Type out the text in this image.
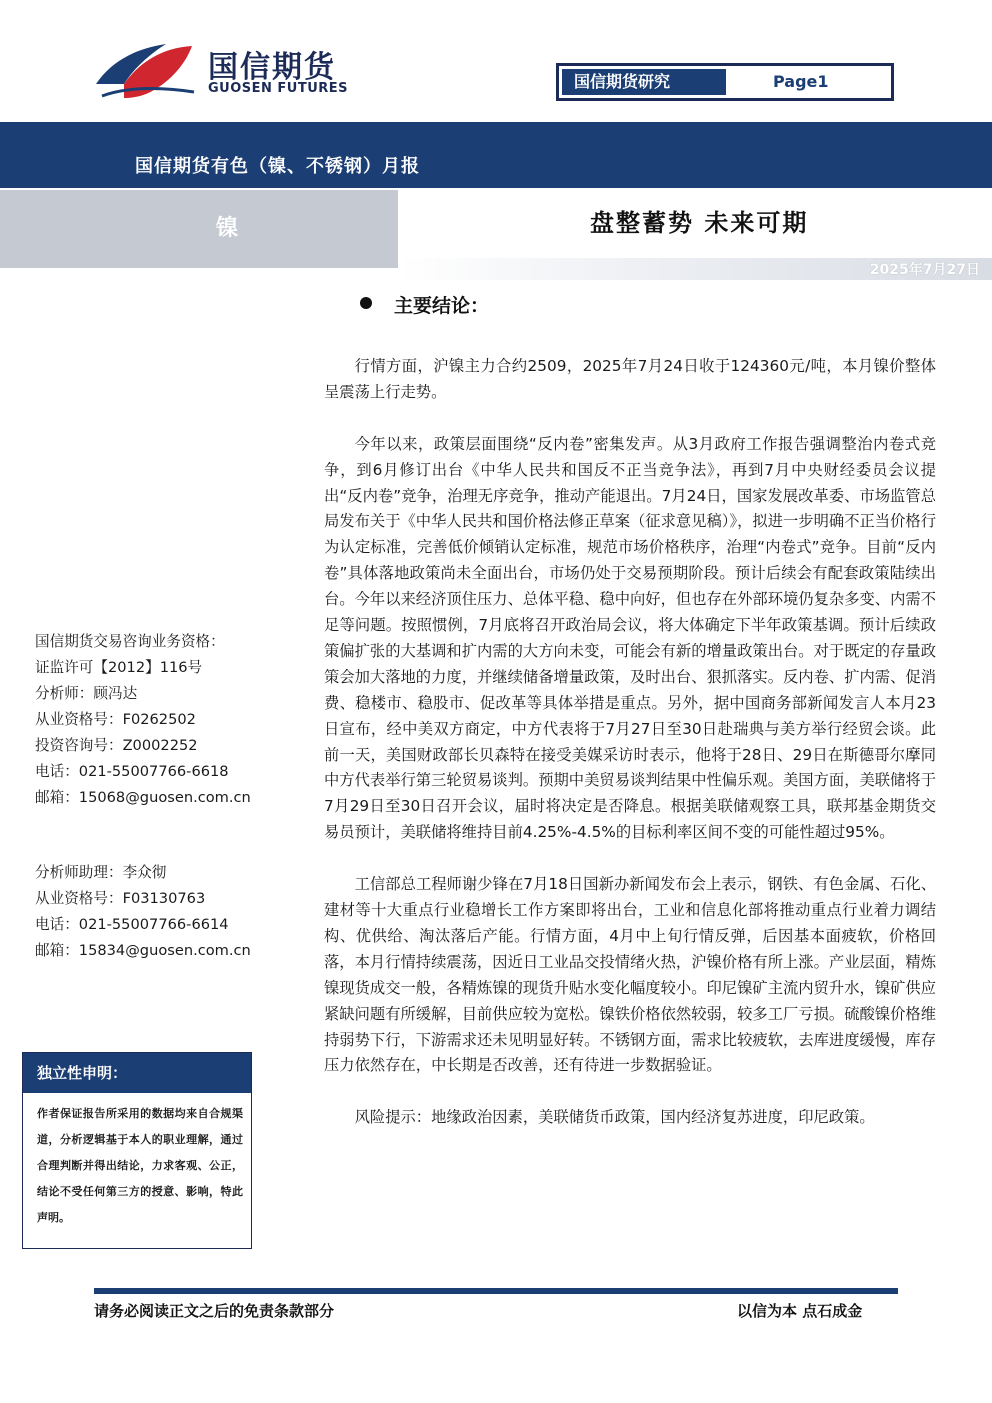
国信期货
GUOSEN FUTURES	国信期货研究	Page1
国信期货有色（镍、不锈钢）月报
镍	盘整蓄势 未来可期
2025年7月27日
主要结论：

行情方面，沪镍主力合约2509，2025年7月24日收于124360元/吨，本月镍价整体呈震荡上行走势。

今年以来，政策层面围绕“反内卷”密集发声。从3月政府工作报告强调整治内卷式竞争，到6月修订出台《中华人民共和国反不正当竞争法》，再到7月中央财经委员会议提出“反内卷”竞争，治理无序竞争，推动产能退出。7月24日，国家发展改革委、市场监管总局发布关于《中华人民共和国价格法修正草案（征求意见稿）》，拟进一步明确不正当价格行为认定标准，完善低价倾销认定标准，规范市场价格秩序，治理“内卷式”竞争。目前“反内卷”具体落地政策尚未全面出台，市场仍处于交易预期阶段。预计后续会有配套政策陆续出台。今年以来经济顶住压力、总体平稳、稳中向好，但也存在外部环境仍复杂多变、内需不足等问题。按照惯例，7月底将召开政治局会议，将大体确定下半年政策基调。预计后续政策偏扩张的大基调和扩内需的大方向未变，可能会有新的增量政策出台。对于既定的存量政策会加大落地的力度，并继续储备增量政策，及时出台、狠抓落实。反内卷、扩内需、促消费、稳楼市、稳股市、促改革等具体举措是重点。另外，据中国商务部新闻发言人本月23日宣布，经中美双方商定，中方代表将于7月27日至30日赴瑞典与美方举行经贸会谈。此前一天，美国财政部长贝森特在接受美媒采访时表示，他将于28日、29日在斯德哥尔摩同中方代表举行第三轮贸易谈判。预期中美贸易谈判结果中性偏乐观。美国方面，美联储将于7月29日至30日召开会议，届时将决定是否降息。根据美联储观察工具，联邦基金期货交易员预计，美联储将维持目前4.25%-4.5%的目标利率区间不变的可能性超过95%。

工信部总工程师谢少锋在7月18日国新办新闻发布会上表示，钢铁、有色金属、石化、建材等十大重点行业稳增长工作方案即将出台，工业和信息化部将推动重点行业着力调结构、优供给、淘汰落后产能。行情方面，4月中上旬行情反弹，后因基本面疲软，价格回落，本月行情持续震荡，因近日工业品交投情绪火热，沪镍价格有所上涨。产业层面，精炼镍现货成交一般，各精炼镍的现货升贴水变化幅度较小。印尼镍矿主流内贸升水，镍矿供应紧缺问题有所缓解，目前供应较为宽松。镍铁价格依然较弱，较多工厂亏损。硫酸镍价格维持弱势下行，下游需求还未见明显好转。不锈钢方面，需求比较疲软，去库进度缓慢，库存压力依然存在，中长期是否改善，还有待进一步数据验证。

风险提示：地缘政治因素，美联储货币政策，国内经济复苏进度，印尼政策。

国信期货交易咨询业务资格：
证监许可【2012】116号
分析师：顾冯达
从业资格号：F0262502
投资咨询号：Z0002252
电话：021-55007766-6618
邮箱：15068@guosen.com.cn
分析师助理：李众彻
从业资格号：F03130763
电话：021-55007766-6614
邮箱：15834@guosen.com.cn
独立性申明：
作者保证报告所采用的数据均来自合规渠道，分析逻辑基于本人的职业理解，通过合理判断并得出结论，力求客观、公正，结论不受任何第三方的授意、影响，特此声明。
请务必阅读正文之后的免责条款部分	以信为本 点石成金
